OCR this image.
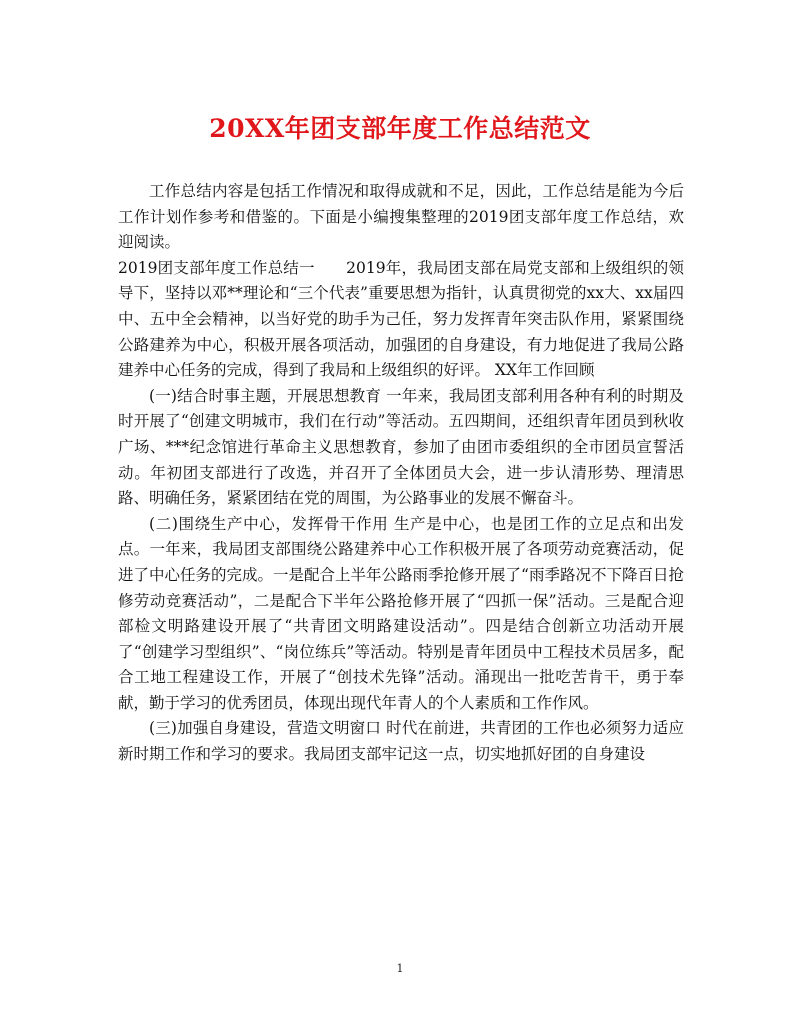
20XX年团支部年度工作总结范文

工作总结内容是包括工作情况和取得成就和不足，因此，工作总结是能为今后工作计划作参考和借鉴的。下面是小编搜集整理的2019团支部年度工作总结，欢迎阅读。

2019团支部年度工作总结一　　2019年，我局团支部在局党支部和上级组织的领导下，坚持以邓**理论和“三个代表”重要思想为指针，认真贯彻党的xx大、xx届四中、五中全会精神，以当好党的助手为己任，努力发挥青年突击队作用，紧紧围绕公路建养为中心，积极开展各项活动，加强团的自身建设，有力地促进了我局公路建养中心任务的完成，得到了我局和上级组织的好评。 XX年工作回顾

(一)结合时事主题，开展思想教育 一年来，我局团支部利用各种有利的时期及时开展了“创建文明城市，我们在行动”等活动。五四期间，还组织青年团员到秋收广场、***纪念馆进行革命主义思想教育，参加了由团市委组织的全市团员宣誓活动。年初团支部进行了改选，并召开了全体团员大会，进一步认清形势、理清思路、明确任务，紧紧团结在党的周围，为公路事业的发展不懈奋斗。

(二)围绕生产中心，发挥骨干作用 生产是中心，也是团工作的立足点和出发点。一年来，我局团支部围绕公路建养中心工作积极开展了各项劳动竞赛活动，促进了中心任务的完成。一是配合上半年公路雨季抢修开展了“雨季路况不下降百日抢修劳动竞赛活动”，二是配合下半年公路抢修开展了“四抓一保”活动。三是配合迎部检文明路建设开展了“共青团文明路建设活动”。四是结合创新立功活动开展了“创建学习型组织”、“岗位练兵”等活动。特别是青年团员中工程技术员居多，配合工地工程建设工作，开展了“创技术先锋”活动。涌现出一批吃苦肯干，勇于奉献，勤于学习的优秀团员，体现出现代年青人的个人素质和工作作风。

(三)加强自身建设，营造文明窗口 时代在前进，共青团的工作也必须努力适应新时期工作和学习的要求。我局团支部牢记这一点，切实地抓好团的自身建设

1
